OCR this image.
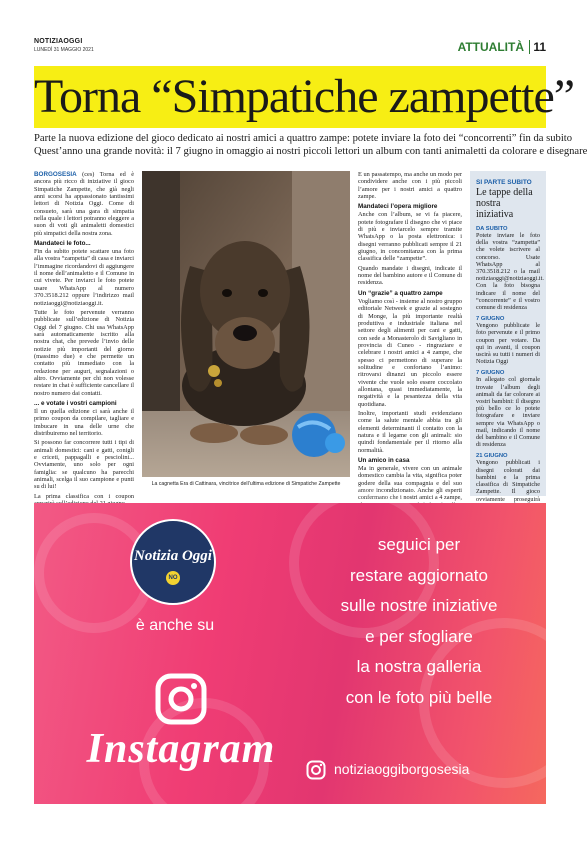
NOTIZIAOGGI
LUNEDÌ 31 MAGGIO 2021	ATTUALITÀ 11
Torna “Simpatiche zampette”
Parte la nuova edizione del gioco dedicato ai nostri amici a quattro zampe: potete inviare la foto dei “concorrenti” fin da subito
Quest’anno una grande novità: il 7 giugno in omaggio ai nostri piccoli lettori un album con tanti animaletti da colorare e disegnare

BORGOSESIA (ces) Torna ed è ancora più ricco di iniziative il gioco Simpatiche Zampette, che già negli anni scorsi ha appassionato tantissimi lettori di Notizia Oggi. Come di consueto, sarà una gara di simpatia nella quale i lettori potranno eleggere a suon di voti gli animaletti domestici più simpatici della nostra zona.

Mandateci le foto...

Fin da subito potete scattare una foto alla vostra “zampetta” di casa e inviarci l’immagine ricordandovi di aggiungere il nome dell’animaletto e il Comune in cui vivete. Per inviarci le foto potete usare WhatsApp al numero 370.3518.212 oppure l’indirizzo mail notiziaoggi@notiziaoggi.it.

Tutte le foto pervenute verranno pubblicate sull’edizione di Notizia Oggi del 7 giugno. Chi usa WhatsApp sarà automaticamente iscritto alla nostra chat, che prevede l’invio delle notizie più importanti del giorno (massimo due) e che permette un contatto più immediato con la redazione per auguri, segnalazioni o altro. Ovviamente per chi non volesse restare in chat è sufficiente cancellare il nostro numero dai contatti.

... e votate i vostri campioni

Il un quella edizione ci sarà anche il primo coupon da compilare, tagliare e imbucare in una delle urne che distribuiremo nel territorio.

Si possono far concorrere tutti i tipi di animali domestici: cani e gatti, conigli e criceti, pappagalli e pesciolini... Ovviamente, uno solo per ogni famiglia: se qualcuno ha parecchi animali, scelga il suo campione e punti su di lui!

La prima classifica con i coupon

La cagnetta Era di Cattinara, vincitrice dell’ultima edizione di Simpatiche Zampette

E un passatempo, ma anche un modo per condividere anche con i più piccoli l’amore per i nostri amici a quattro zampe.

Mandateci l’opera migliore

Anche con l’album, se vi fa piacere, potete fotografare il disegno che vi piace di più e inviarcelo sempre tramite WhatsApp o la posta elettronica: i disegni verranno pubblicati sempre il 21 giugno, in concomitanza con la prima classifica delle “zampette”.

Quando mandate i disegni, indicate il nome del bambino autore e il Comune di residenza.

Un “grazie” a quattro zampe

Vogliamo così - insieme al nostro gruppo editoriale Netweek e grazie al sostegno di Monge, la più importante realtà produttiva e industriale italiana nel settore degli alimenti per cani e gatti, con sede a Monasterolo di Savigliano in provincia di Cuneo - ringraziare e celebrare i nostri amici a 4 zampe, che spesso ci permettono di superare la solitudine e confortano l’animo: ritrovarsi dinanzi un piccolo essere vivente che vuole solo essere coccolato allontana, quasi immediatamente, la negatività e la pesantezza della vita quotidiana.

Inoltre, importanti studi evidenziano come la salute mentale abbia tra gli elementi determinanti il contatto con la natura e il legame con gli animali: sio quindi fondamentale per il ritorno alla normalità.

Un amico in casa

Ma in generale, vivere con un animale domestico cambia la vita, significa poter godere della sua compagnia e del suo amore incondizionato. Anche gli esperti confermano che i nostri amici a 4 zampe,

SI PARTE SUBITO
Le tappe della nostra iniziativa
DA SUBITO
Potete inviare le foto della vostra “zampetta” che volete iscrivere al concorso. Usate WhatsApp al 370.3518.212 o la mail notiziaoggi@notiziaoggi.it. Con la foto bisogna indicare il nome del “concorrente” e il vostro comune di residenza
7 GIUGNO
Vengono pubblicate le foto pervenute e il primo coupon per votare. Da qui in avanti, il coupon uscirà su tutti i numeri di Notizia Oggi
7 GIUGNO
In allegato col giornale trovate l’album degli animali da far colorare ai vostri bambini: il disegno più bello ce lo potete fotografare e inviare sempre via WhatsApp o mail, indicando il nome del bambino e il Comune di residenza
21 GIUGNO
Vengono pubblicati i disegni colorati dai bambini e la prima classifica di Simpatiche Zampette. Il gioco ovviamente proseguirà
Notizia Oggi
NO
è anche su
Instagram
seguici per
restare aggiornato
sulle nostre iniziative
e per sfogliare
la nostra galleria
con le foto più belle
notiziaoggiborgosesia
